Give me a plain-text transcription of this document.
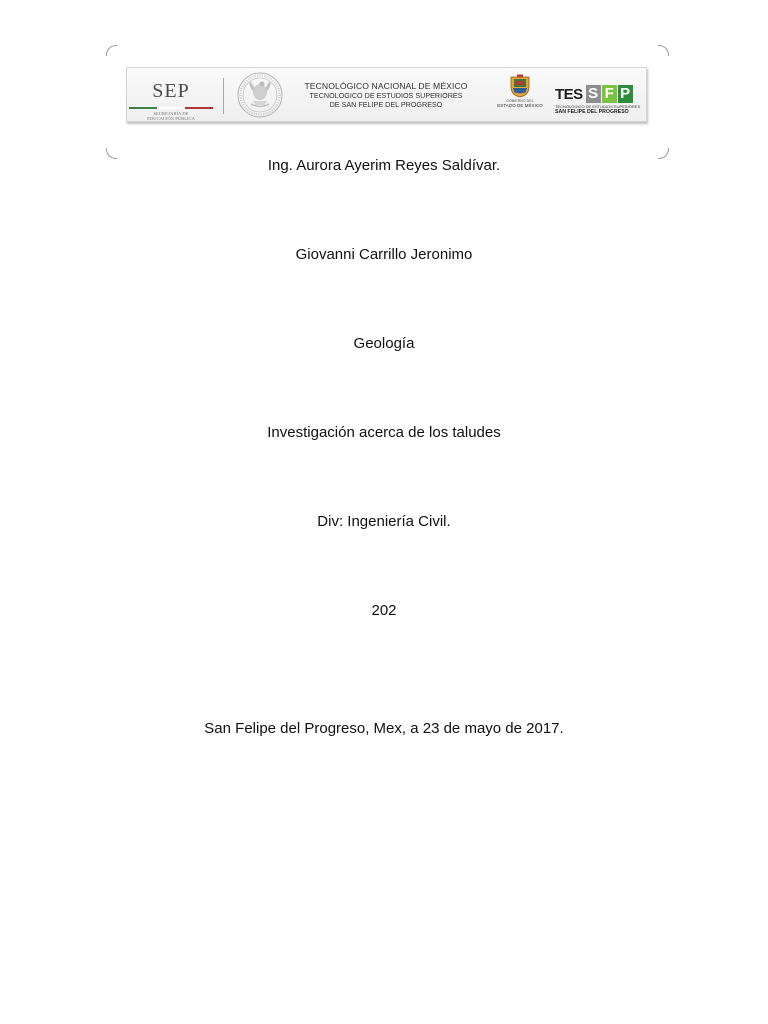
SEP
SECRETARÍA DE
EDUCACIÓN PÚBLICA
TECNOLÓGICO NACIONAL DE MÉXICO
TECNOLOGICO DE ESTUDIOS SUPERIORES
DE SAN FELIPE DEL PROGRESO	GOBIERNO DEL
ESTADO DE MÉXICO
TES S F P
TECNOLÓGICO DE ESTUDIOS SUPERIORES
SAN FELIPE DEL PROGRESO
Ing. Aurora Ayerim Reyes Saldívar.
Giovanni Carrillo Jeronimo
Geología
Investigación acerca de los taludes
Div: Ingeniería Civil.
202
San Felipe del Progreso, Mex, a 23 de mayo de 2017.
